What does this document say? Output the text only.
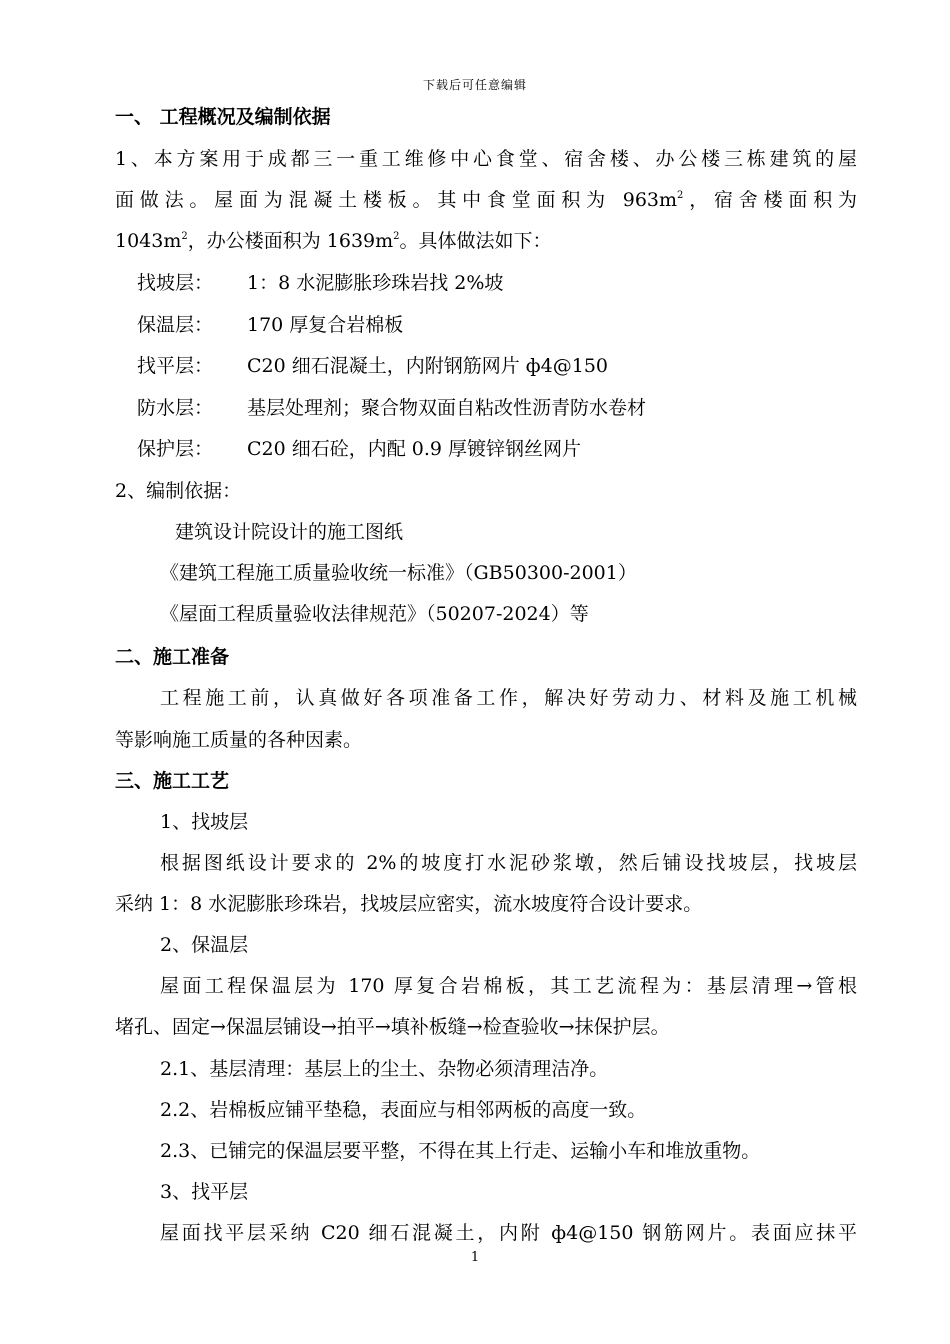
下载后可任意编辑
一、 工程概况及编制依据
1、本方案用于成都三一重工维修中心食堂、宿舍楼、办公楼三栋建筑的屋
面做法。屋面为混凝土楼板。其中食堂面积为 $963m^2$，宿舍楼面积为
$1043m^2$，办公楼面积为 $1639m^2$。具体做法如下：
找坡层： 1：8 水泥膨胀珍珠岩找 2%坡
保温层： 170 厚复合岩棉板
找平层： C20 细石混凝土，内附钢筋网片 ф4@150
防水层： 基层处理剂；聚合物双面自粘改性沥青防水卷材
保护层： C20 细石砼，内配 0.9 厚镀锌钢丝网片
2、编制依据：
建筑设计院设计的施工图纸
《建筑工程施工质量验收统一标准》（GB50300-2001）
《屋面工程质量验收法律规范》（50207-2024）等
二、施工准备
工程施工前，认真做好各项准备工作，解决好劳动力、材料及施工机械
等影响施工质量的各种因素。
三、施工工艺
1、找坡层
根据图纸设计要求的 2%的坡度打水泥砂浆墩，然后铺设找坡层，找坡层
采纳 1：8 水泥膨胀珍珠岩，找坡层应密实，流水坡度符合设计要求。
2、保温层
屋面工程保温层为 170 厚复合岩棉板，其工艺流程为：基层清理→管根
堵孔、固定→保温层铺设→拍平→填补板缝→检查验收→抹保护层。
2.1、基层清理：基层上的尘土、杂物必须清理洁净。
2.2、岩棉板应铺平垫稳，表面应与相邻两板的高度一致。
2.3、已铺完的保温层要平整，不得在其上行走、运输小车和堆放重物。
3、找平层
屋面找平层采纳 C20 细石混凝土，内附 ф4@150 钢筋网片。表面应抹平
1
